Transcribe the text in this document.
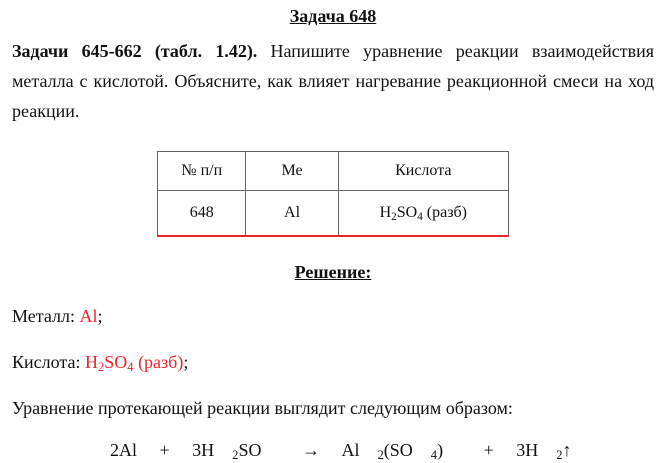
Задача 648
Задачи 645-662 (табл. 1.42). Напишите уравнение реакции взаимодействия металла с кислотой. Объясните, как влияет нагревание реакционной смеси на ход реакции.
№ п/п	Ме	Кислота
648	Al	$H_2SO_4$ (разб)
Решение:
Металл: Al;
Кислота: $H_2SO_4$ (разб);
Уравнение протекающей реакции выглядит следующим образом:
2Al + 3H $_2$SO → Al $_2$(SO $_4$) + 3H $_2$↑
